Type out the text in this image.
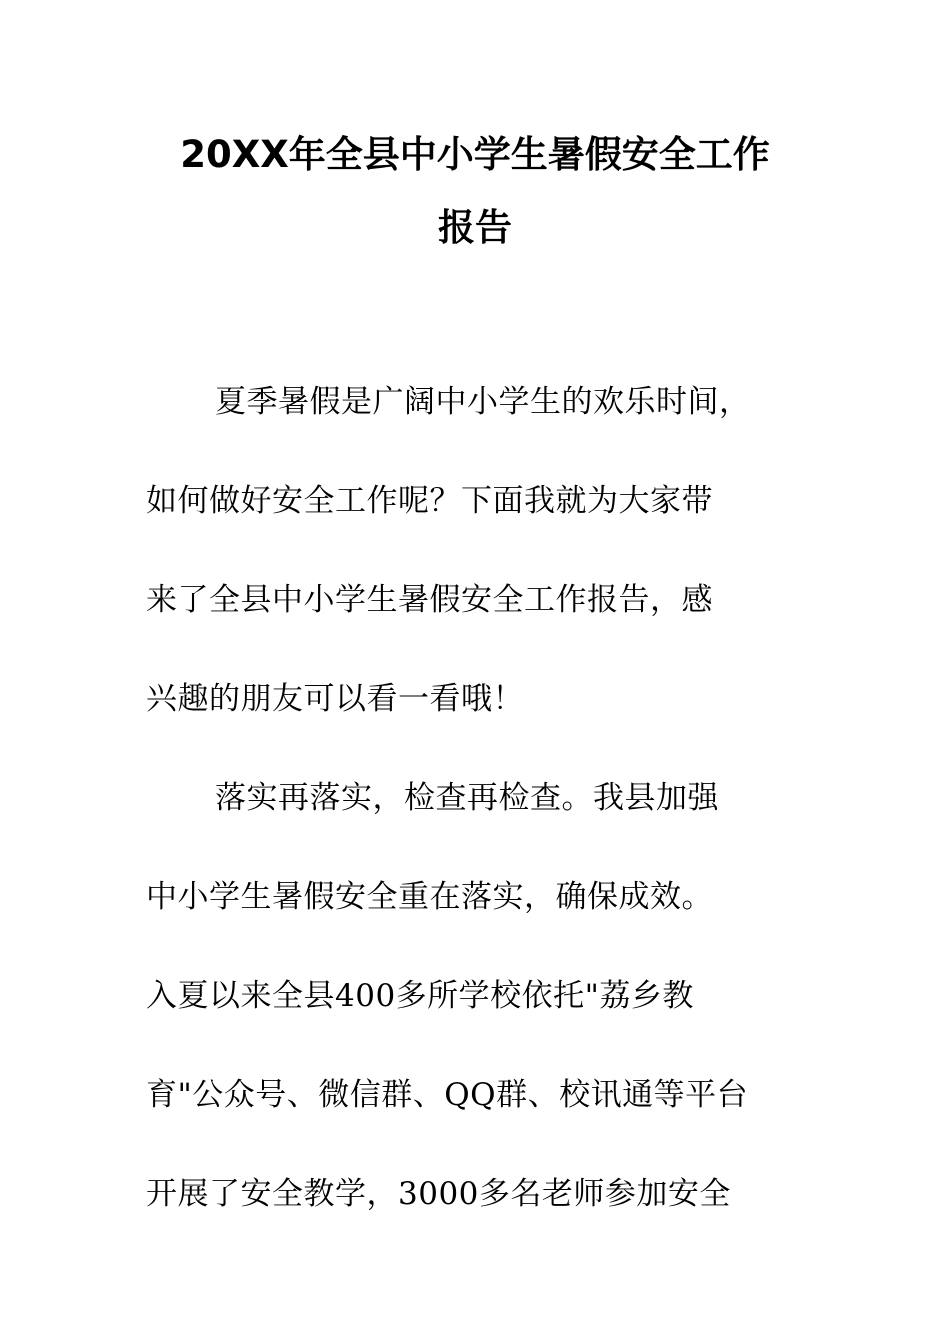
20XX年全县中小学生暑假安全工作
报告
夏季暑假是广阔中小学生的欢乐时间，
如何做好安全工作呢？下面我就为大家带
来了全县中小学生暑假安全工作报告，感
兴趣的朋友可以看一看哦！
落实再落实，检查再检查。我县加强
中小学生暑假安全重在落实，确保成效。
入夏以来全县400多所学校依托"荔乡教
育"公众号、微信群、QQ群、校讯通等平台
开展了安全教学，3000多名老师参加安全
